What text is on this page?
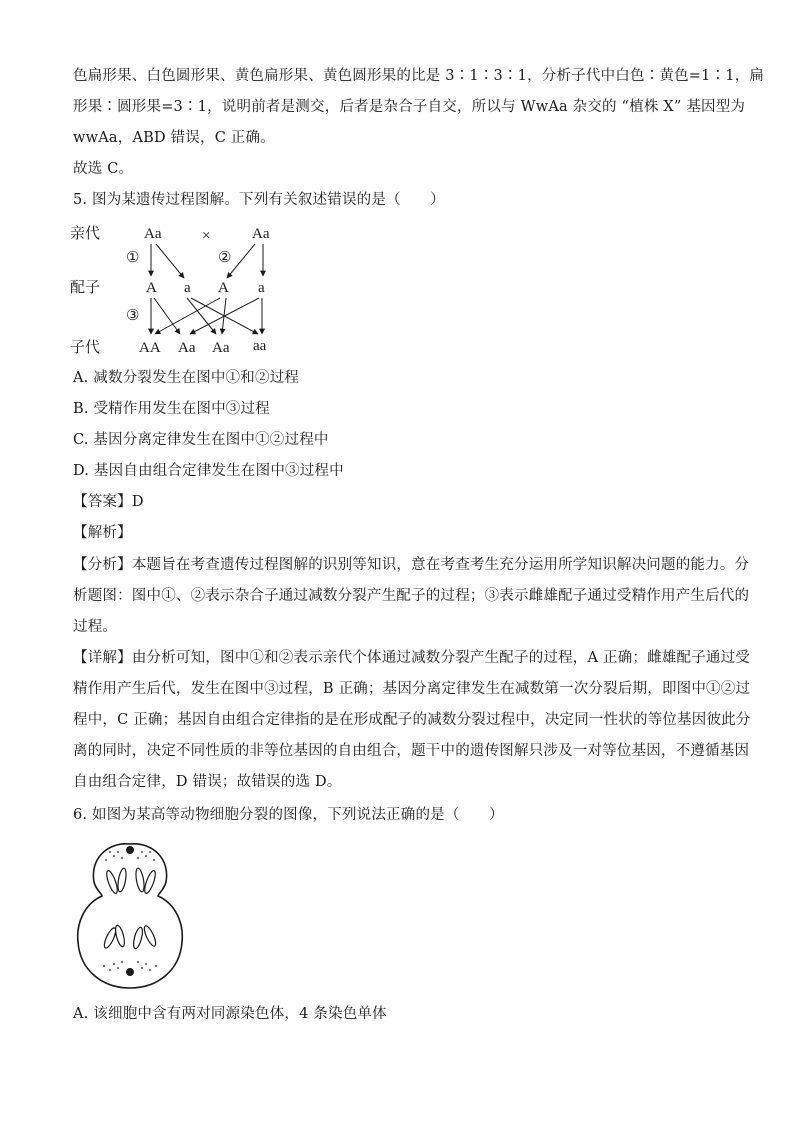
色扁形果、白色圆形果、黄色扁形果、黄色圆形果的比是 3∶1∶3∶1，分析子代中白色∶黄色=1∶1，扁
形果∶圆形果=3∶1，说明前者是测交，后者是杂合子自交，所以与 WwAa 杂交的 “植株 X” 基因型为
wwAa，ABD 错误，C 正确。
故选 C。
5. 图为某遗传过程图解。下列有关叙述错误的是（　　）
亲代
配子
子代
Aa	×	Aa
①	②
③
A a A a
AA Aa Aa aa
A. 减数分裂发生在图中①和②过程
B. 受精作用发生在图中③过程
C. 基因分离定律发生在图中①②过程中
D. 基因自由组合定律发生在图中③过程中
【答案】D
【解析】
【分析】本题旨在考查遗传过程图解的识别等知识，意在考查考生充分运用所学知识解决问题的能力。分
析题图：图中①、②表示杂合子通过减数分裂产生配子的过程；③表示雌雄配子通过受精作用产生后代的
过程。
【详解】由分析可知，图中①和②表示亲代个体通过减数分裂产生配子的过程，A 正确；雌雄配子通过受
精作用产生后代，发生在图中③过程，B 正确；基因分离定律发生在减数第一次分裂后期，即图中①②过
程中，C 正确；基因自由组合定律指的是在形成配子的减数分裂过程中，决定同一性状的等位基因彼此分
离的同时，决定不同性质的非等位基因的自由组合，题干中的遗传图解只涉及一对等位基因，不遵循基因
自由组合定律，D 错误；故错误的选 D。
6. 如图为某高等动物细胞分裂的图像，下列说法正确的是（　　）
A. 该细胞中含有两对同源染色体，4 条染色单体
